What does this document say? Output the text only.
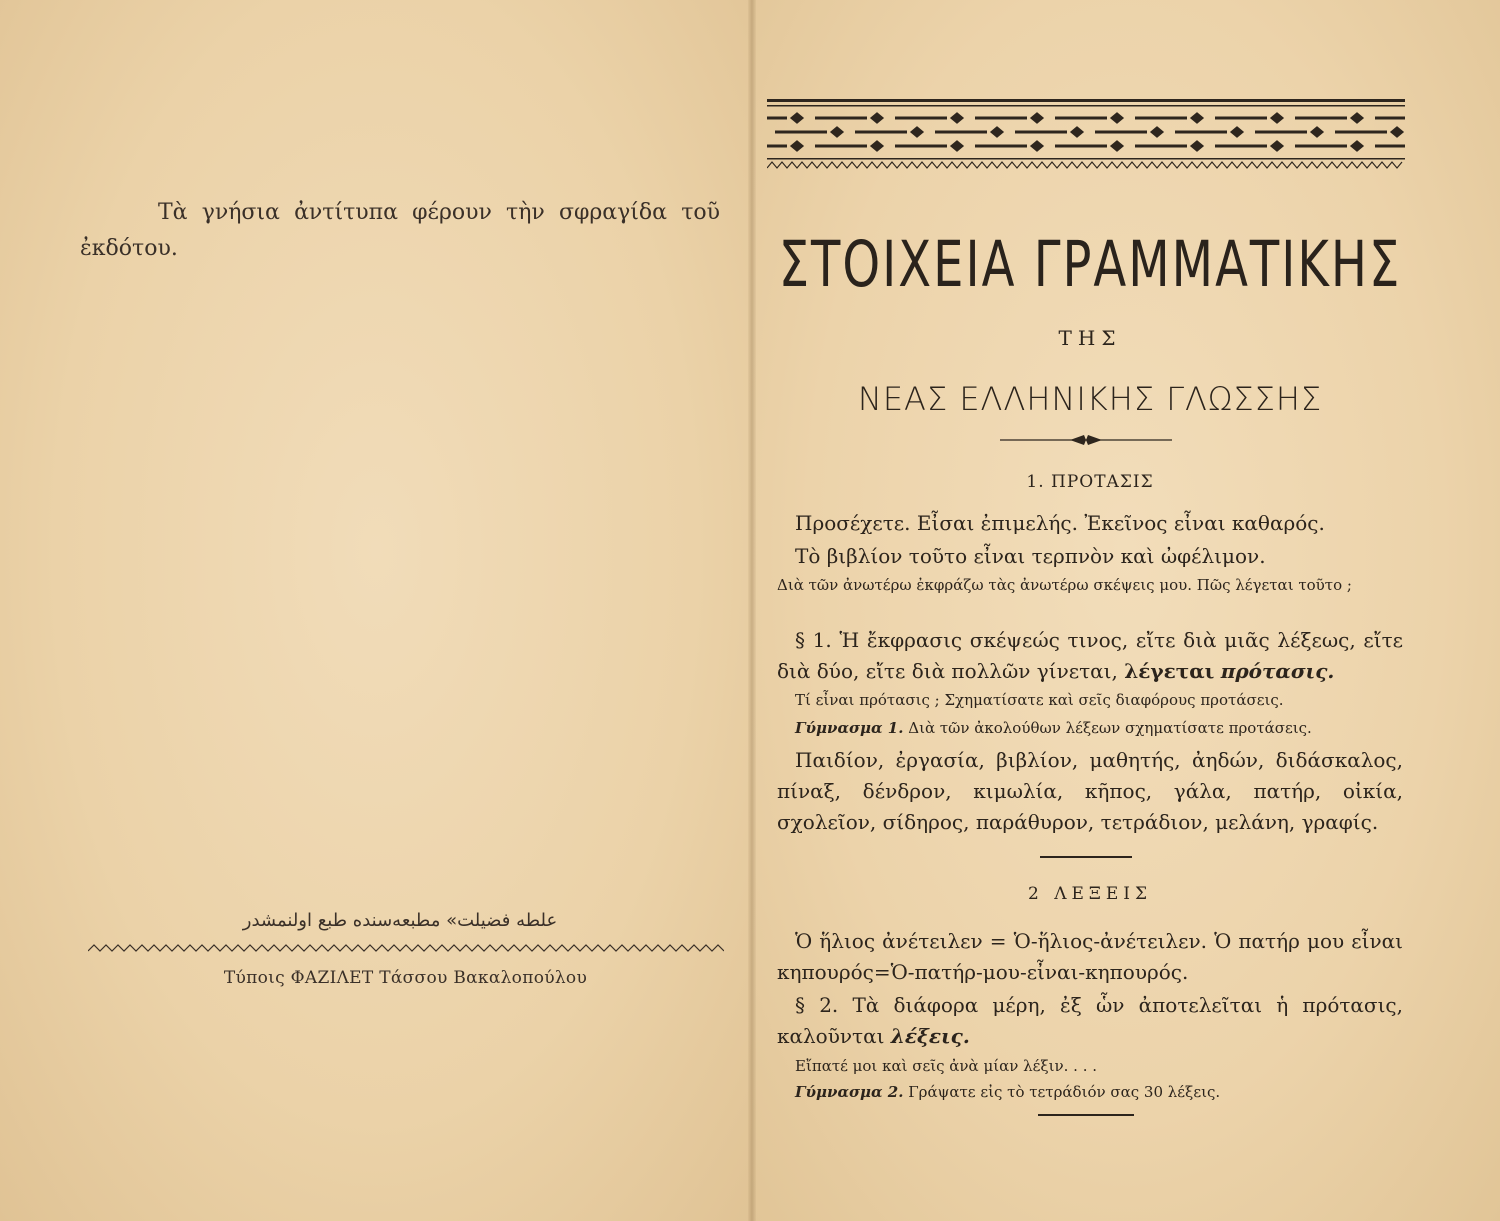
Τὰ γνήσια ἀντίτυπα φέρουν τὴν σφραγίδα τοῦ ἐκδότου.

علطه فضيلت» مطبعه‌سنده طبع اولنمشدر
Τύποις ΦΑΖΙΛΕΤ Τάσσου Βακαλοπούλου
ΣΤΟΙΧΕΙΑ ΓΡΑΜΜΑΤΙΚΗΣ
ΤΗΣ
ΝΕΑΣ ΕΛΛΗΝΙΚΗΣ ΓΛΩΣΣΗΣ
1. ΠΡΟΤΑΣΙΣ
Προσέχετε. Εἶσαι ἐπιμελής. Ἐκεῖνος εἶναι καθαρός.
Τὸ βιβλίον τοῦτο εἶναι τερπνὸν καὶ ὠφέλιμον.
Διὰ τῶν ἀνωτέρω ἐκφράζω τὰς ἀνωτέρω σκέψεις μου. Πῶς λέγεται τοῦτο ;
§ 1. Ἡ ἔκφρασις σκέψεώς τινος, εἴτε διὰ μιᾶς λέξεως, εἴτε διὰ δύο, εἴτε διὰ πολλῶν γίνεται, λέγεται πρότασις.
Τί εἶναι πρότασις ; Σχηματίσατε καὶ σεῖς διαφόρους προτάσεις.
Γύμνασμα 1. Διὰ τῶν ἀκολούθων λέξεων σχηματίσατε προτάσεις.
Παιδίον, ἐργασία, βιβλίον, μαθητής, ἀηδών, διδάσκαλος, πίναξ, δένδρον, κιμωλία, κῆπος, γάλα, πατήρ, οἰκία, σχολεῖον, σίδηρος, παράθυρον, τετράδιον, μελάνη, γραφίς.
2 ΛΕΞΕΙΣ
Ὁ ἥλιος ἀνέτειλεν = Ὁ-ἥλιος-ἀνέτειλεν. Ὁ πατήρ μου εἶναι κηπουρός=Ὁ-πατήρ-μου-εἶναι-κηπουρός.
§ 2. Τὰ διάφορα μέρη, ἐξ ὧν ἀποτελεῖται ἡ πρότασις, καλοῦνται λέξεις.
Εἴπατέ μοι καὶ σεῖς ἀνὰ μίαν λέξιν. . . .
Γύμνασμα 2. Γράψατε εἰς τὸ τετράδιόν σας 30 λέξεις.
